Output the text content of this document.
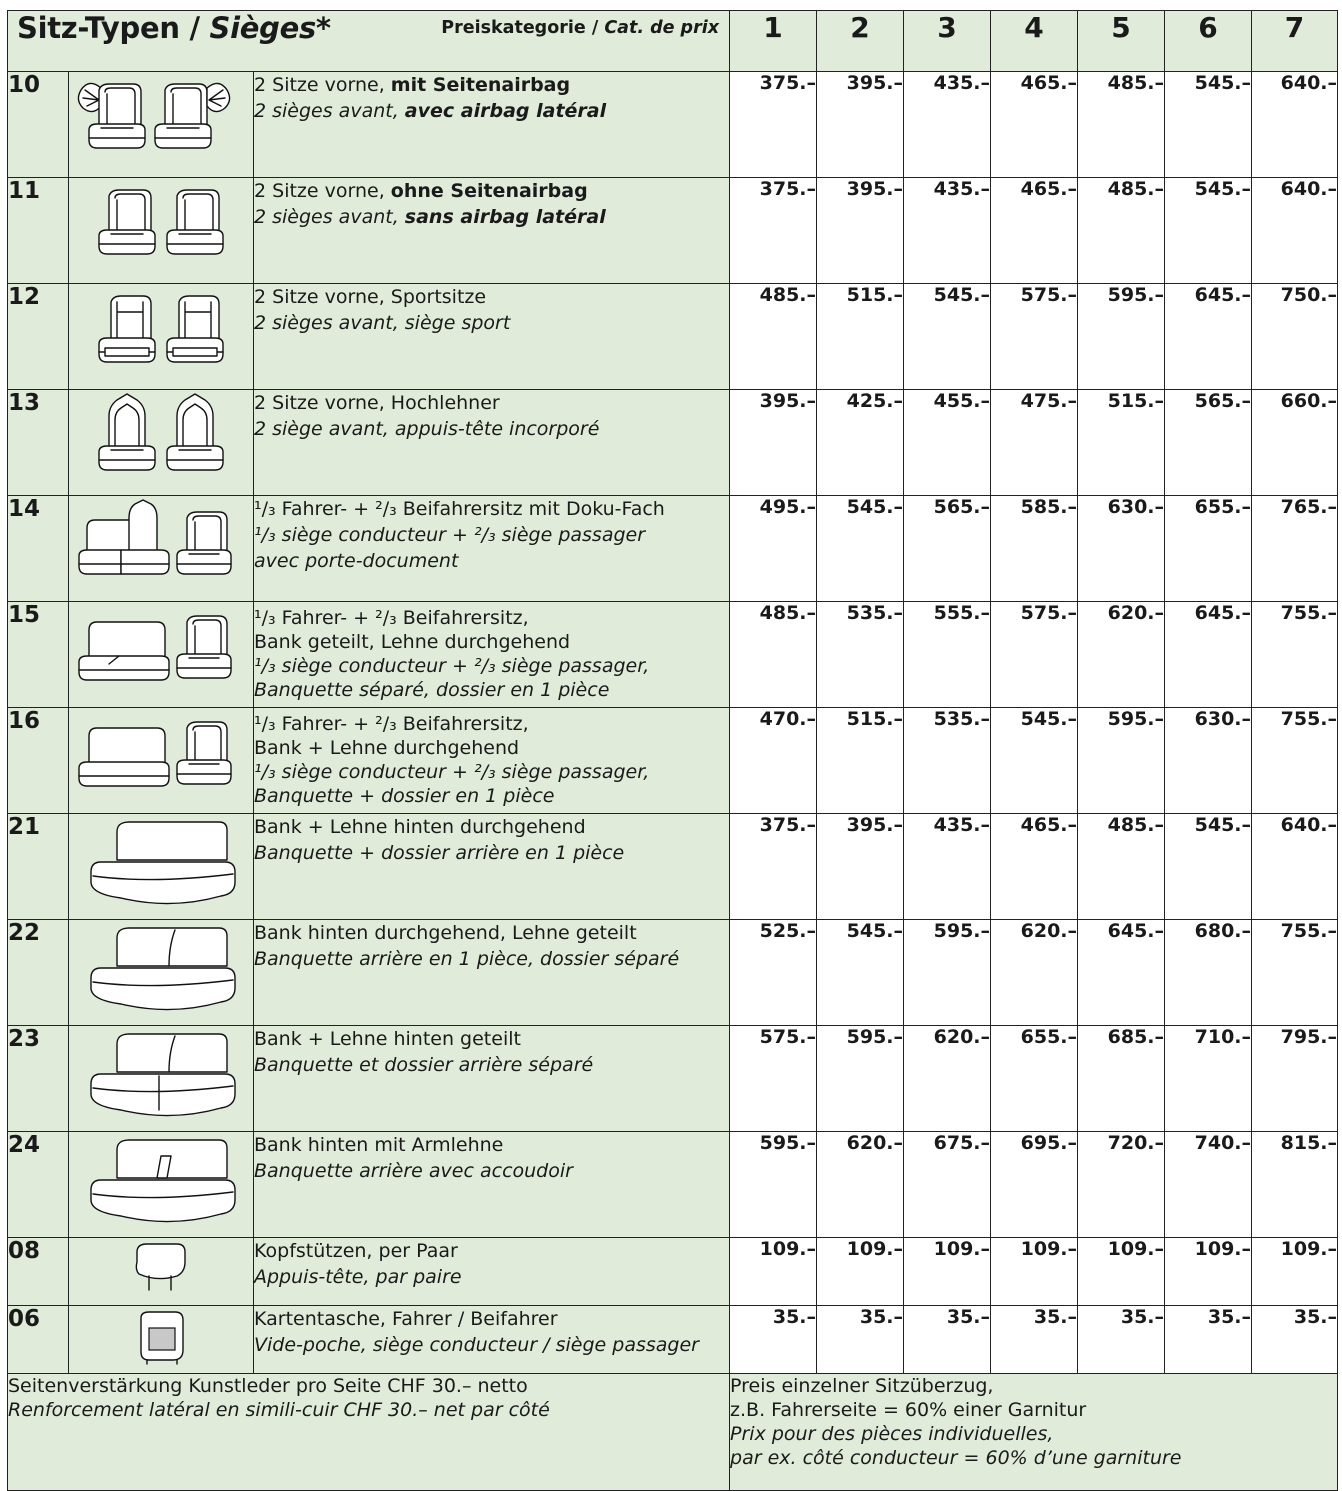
Sitz-Typen / Sièges* Preiskategorie / Cat. de prix			1	2	3	4	5	6	7
10		2 Sitze vorne, mit Seitenairbag
2 sièges avant, avec airbag latéral	375.–	395.–	435.–	465.–	485.–	545.–	640.–
11		2 Sitze vorne, ohne Seitenairbag
2 sièges avant, sans airbag latéral	375.–	395.–	435.–	465.–	485.–	545.–	640.–
12		2 Sitze vorne, Sportsitze
2 sièges avant, siège sport	485.–	515.–	545.–	575.–	595.–	645.–	750.–
13		2 Sitze vorne, Hochlehner
2 siège avant, appuis-tête incorporé	395.–	425.–	455.–	475.–	515.–	565.–	660.–
14		¹/₃ Fahrer- + ²/₃ Beifahrersitz mit Doku-Fach
¹/₃ siège conducteur + ²/₃ siège passager
avec porte-document	495.–	545.–	565.–	585.–	630.–	655.–	765.–
15		¹/₃ Fahrer- + ²/₃ Beifahrersitz,
Bank geteilt, Lehne durchgehend
¹/₃ siège conducteur + ²/₃ siège passager,
Banquette séparé, dossier en 1 pièce	485.–	535.–	555.–	575.–	620.–	645.–	755.–
16		¹/₃ Fahrer- + ²/₃ Beifahrersitz,
Bank + Lehne durchgehend
¹/₃ siège conducteur + ²/₃ siège passager,
Banquette + dossier en 1 pièce	470.–	515.–	535.–	545.–	595.–	630.–	755.–
21		Bank + Lehne hinten durchgehend
Banquette + dossier arrière en 1 pièce	375.–	395.–	435.–	465.–	485.–	545.–	640.–
22		Bank hinten durchgehend, Lehne geteilt
Banquette arrière en 1 pièce, dossier séparé	525.–	545.–	595.–	620.–	645.–	680.–	755.–
23		Bank + Lehne hinten geteilt
Banquette et dossier arrière séparé	575.–	595.–	620.–	655.–	685.–	710.–	795.–
24		Bank hinten mit Armlehne
Banquette arrière avec accoudoir	595.–	620.–	675.–	695.–	720.–	740.–	815.–
08		Kopfstützen, per Paar
Appuis-tête, par paire	109.–	109.–	109.–	109.–	109.–	109.–	109.–
06		Kartentasche, Fahrer / Beifahrer
Vide-poche, siège conducteur / siège passager	35.–	35.–	35.–	35.–	35.–	35.–	35.–

Seitenverstärkung Kunstleder pro Seite CHF 30.– netto
Renforcement latéral en simili-cuir CHF 30.– net par côté			Preis einzelner Sitzüberzug,
z.B. Fahrerseite = 60% einer Garnitur
Prix pour des pièces individuelles,
par ex. côté conducteur = 60% d’une garniture						
